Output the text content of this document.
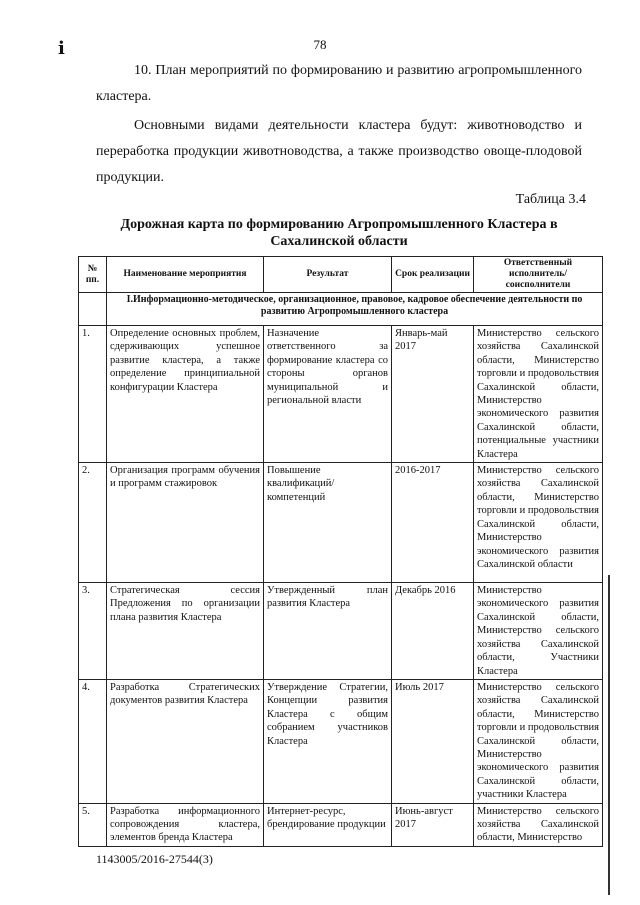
ⅰ	78

10. План мероприятий по формированию и развитию агропромышленного кластера.

Основными видами деятельности кластера будут: животноводство и переработка продукции животноводства, а также производство овоще-плодовой продукции.

Таблица 3.4
Дорожная карта по формированию Агропромышленного Кластера в Сахалинской области
№ пп.	Наименование мероприятия	Результат	Срок реализации	Ответственный исполнитель/соисполнители
	I.Информационно-методическое, организационное, правовое, кадровое обеспечение деятельности по развитию Агропромышленного кластера			
1.	Определение основных проблем, сдерживающих успешное развитие кластера, а также определение принципиальной конфигурации Кластера	Назначение ответственного за формирование кластера со стороны органов муниципальной и региональной власти	Январь-май 2017	Министерство сельского хозяйства Сахалинской области, Министерство торговли и продовольствия Сахалинской области, Министерство экономического развития Сахалинской области, потенциальные участники Кластера
2.	Организация программ обучения и программ стажировок	Повышение квалификаций/компетенций	2016-2017	Министерство сельского хозяйства Сахалинской области, Министерство торговли и продовольствия Сахалинской области, Министерство экономического развития Сахалинской области
3.	Стратегическая сессия Предложения по организации плана развития Кластера	Утвержденный план развития Кластера	Декабрь 2016	Министерство экономического развития Сахалинской области, Министерство сельского хозяйства Сахалинской области, Участники Кластера
4.	Разработка Стратегических документов развития Кластера	Утверждение Стратегии, Концепции развития Кластера с общим собранием участников Кластера	Июль 2017	Министерство сельского хозяйства Сахалинской области, Министерство торговли и продовольствия Сахалинской области, Министерство экономического развития Сахалинской области, участники Кластера
5.	Разработка информационного сопровождения кластера, элементов бренда Кластера	Интернет-ресурс, брендирование продукции	Июнь-август 2017	Министерство сельского хозяйства Сахалинской области, Министерство
1143005/2016-27544(3)
